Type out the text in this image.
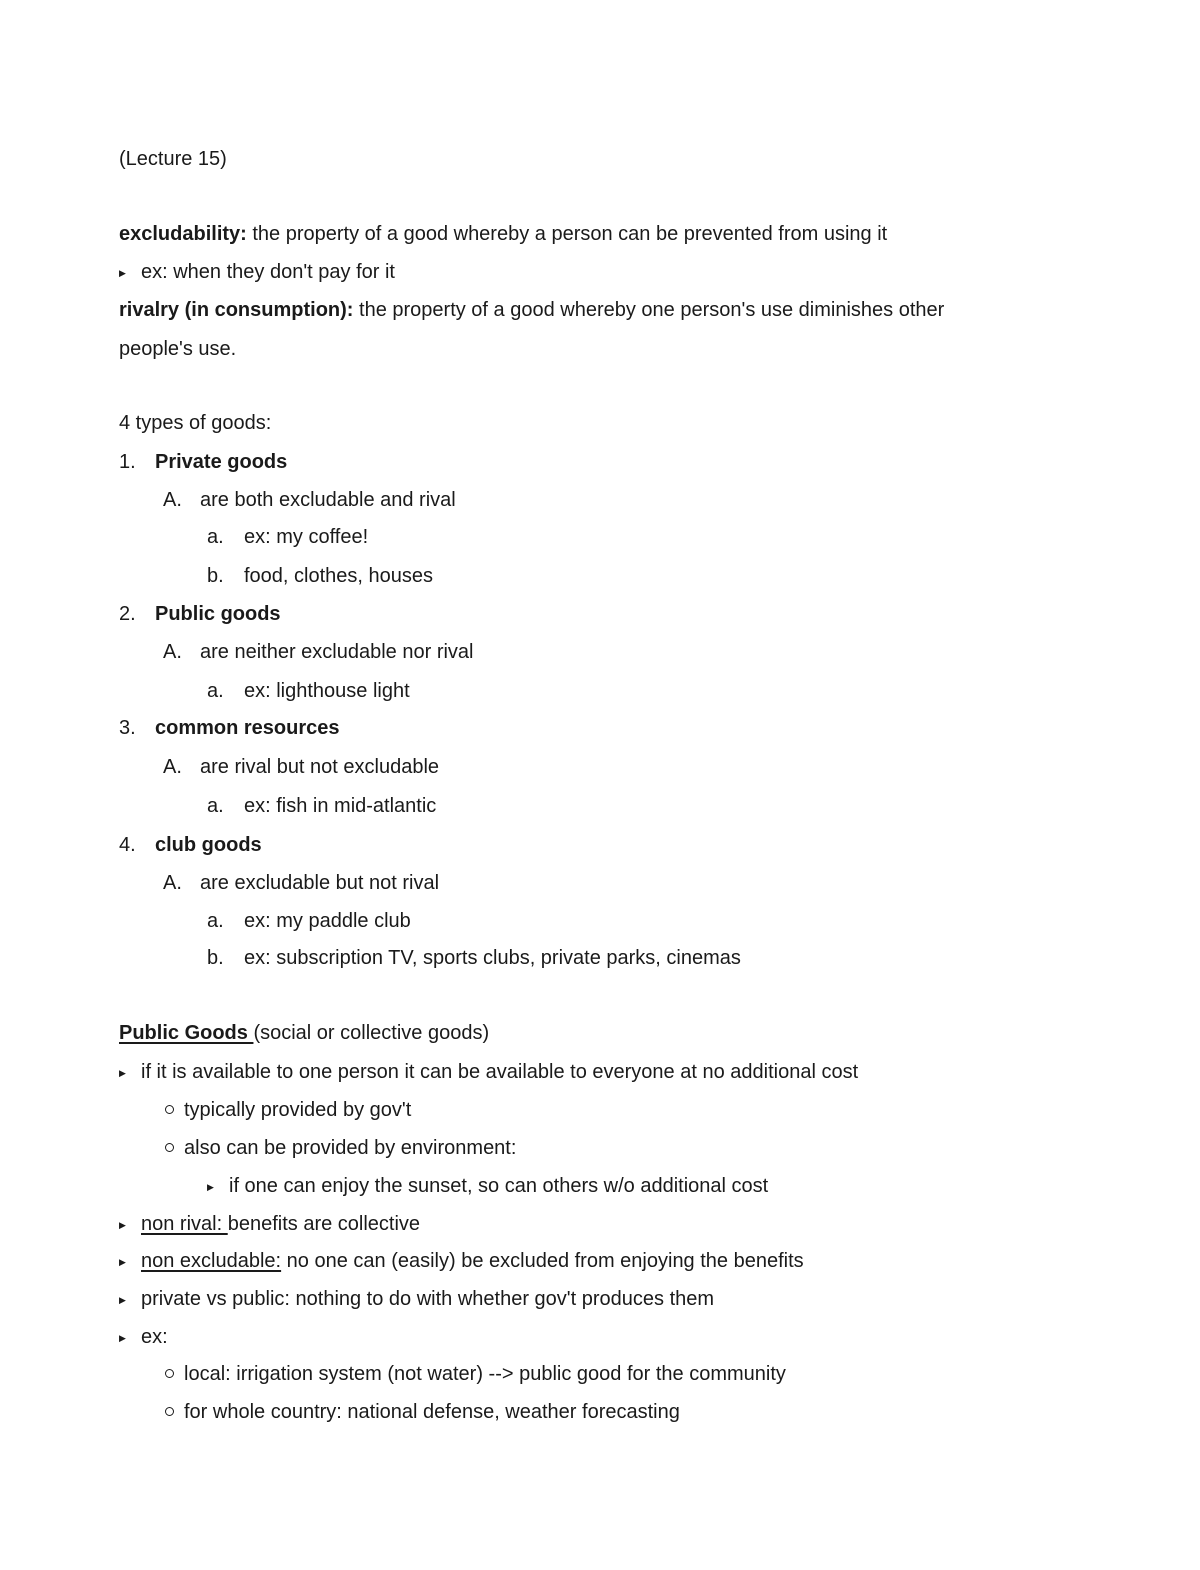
(Lecture 15)
excludability: the property of a good whereby a person can be prevented from using it
▶ ex: when they don't pay for it
rivalry (in consumption): the property of a good whereby one person's use diminishes other
people's use.
4 types of goods:
1. Private goods
A. are both excludable and rival
a. ex: my coffee!
b. food, clothes, houses
2. Public goods
A. are neither excludable nor rival
a. ex: lighthouse light
3. common resources
A. are rival but not excludable
a. ex: fish in mid-atlantic
4. club goods
A. are excludable but not rival
a. ex: my paddle club
b. ex: subscription TV, sports clubs, private parks, cinemas
Public Goods (social or collective goods)
▶ if it is available to one person it can be available to everyone at no additional cost
typically provided by gov't
also can be provided by environment:
▶ if one can enjoy the sunset, so can others w/o additional cost
▶ non rival: benefits are collective
▶ non excludable: no one can (easily) be excluded from enjoying the benefits
▶ private vs public: nothing to do with whether gov't produces them
▶ ex:
local: irrigation system (not water) --> public good for the community
for whole country: national defense, weather forecasting
